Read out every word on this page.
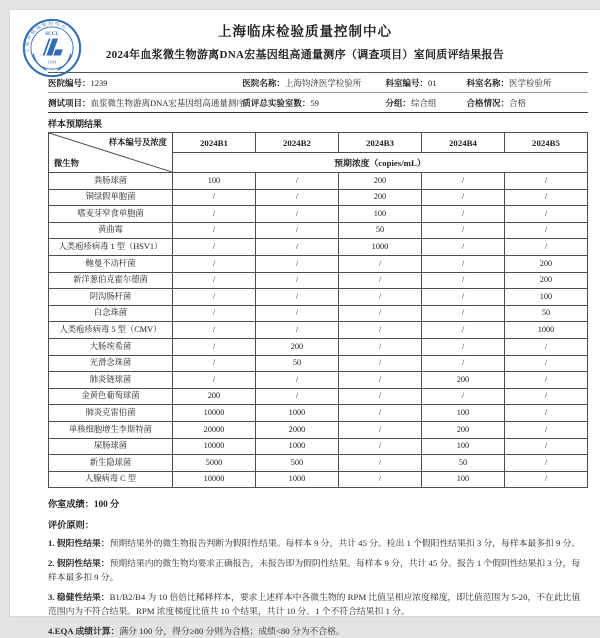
上海市临床检验中心
SCCL
1954
上海临床检验质量控制中心
2024年血浆微生物游离DNA宏基因组高通量测序（调查项目）室间质评结果报告
医院编号：1239	医院名称：上海钧济医学检验所	科室编号：01	科室名称：医学检验所
测试项目：血浆微生物游离DNA宏基因组高通量测序
质评总实验室数：59	分组：综合组	合格情况：合格
样本预期结果
样本编号及浓度
微生物	2024B1	2024B2	2024B3	2024B4	2024B5
	预期浓度（copies/mL）				
粪肠球菌	100	/	200	/	/
铜绿假单胞菌	/	/	200	/	/
嗜麦芽窄食单胞菌	/	/	100	/	/
黄曲霉	/	/	50	/	/
人类疱疹病毒 1 型（HSV1）	/	/	1000	/	/
鲍曼不动杆菌	/	/	/	/	200
新洋葱伯克霍尔德菌	/	/	/	/	200
阴沟肠杆菌	/	/	/	/	100
白念珠菌	/	/	/	/	50
人类疱疹病毒 5 型（CMV）	/	/	/	/	1000
大肠埃希菌	/	200	/	/	/
光滑念珠菌	/	50	/	/	/
肺炎链球菌	/	/	/	200	/
金黄色葡萄球菌	200	/	/	/	/
肺炎克雷伯菌	10000	1000	/	100	/
单核细胞增生李斯特菌	20000	2000	/	200	/
屎肠球菌	10000	1000	/	100	/
新生隐球菌	5000	500	/	50	/
人腺病毒 C 型	10000	1000	/	100	/
你室成绩：100 分
评价原则：

1. 假阳性结果：预期结果外的微生物报告判断为假阳性结果。每样本 9 分，共计 45 分。检出 1 个假阳性结果扣 3 分，每样本最多扣 9 分。

2. 假阴性结果：预期结果内的微生物均要求正确报告，未报告即为假阴性结果。每样本 9 分，共计 45 分。报告 1 个假阴性结果扣 3 分，每样本最多扣 9 分。

3. 稳健性结果：B1/B2/B4 为 10 倍倍比稀释样本，要求上述样本中各微生物的 RPM 比值呈相应浓度梯度，即比值范围为 5-20，不在此比值范围内为不符合结果。RPM 浓度梯度比值共 10 个结果，共计 10 分。1 个不符合结果扣 1 分。

4.EQA 成绩计算：满分 100 分，得分≥80 分则为合格；成绩<80 分为不合格。
